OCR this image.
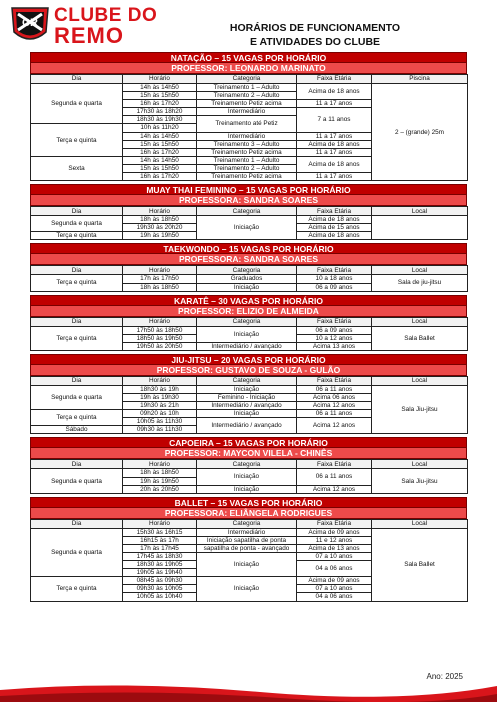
CR CLUBE DO
REMO	HORÁRIOS DE FUNCIONAMENTO
E ATIVIDADES DO CLUBE
NATAÇÃO – 15 VAGAS POR HORÁRIO
PROFESSOR: LEONARDO MARINATO
Dia	Horário	Categoria	Faixa Etária	Piscina
Segunda e quarta	14h às 14h50	Treinamento 1 – Adulto	Acima de 18 anos	2 – (grande) 25m
	15h às 15h50	Treinamento 2 – Adulto		
	16h às 17h20	Treinamento Petiz acima	11 a 17 anos	
	17h30 às 18h20	Intermediário	7 a 11 anos	
	18h30 às 19h30	Treinamento até Petiz		
Terça e quinta	10h às 11h20			
	14h às 14h50	Intermediário	11 a 17 anos	
	15h às 15h50	Treinamento 3 – Adulto	Acima de 18 anos	
	16h às 17h20	Treinamento Petiz acima	11 a 17 anos	
Sexta	14h às 14h50	Treinamento 1 – Adulto	Acima de 18 anos	
	15h às 15h50	Treinamento 2 – Adulto		
	16h às 17h20	Treinamento Petiz acima	11 a 17 anos	
MUAY THAI FEMININO – 15 VAGAS POR HORÁRIO
PROFESSORA: SANDRA SOARES
Dia	Horário	Categoria	Faixa Etária	Local
Segunda e quarta	18h às 18h50	Iniciação	Acima de 18 anos	
	19h30 às 20h20		Acima de 15 anos	
Terça e quinta	19h às 19h50		Acima de 18 anos	
TAEKWONDO – 15 VAGAS POR HORÁRIO
PROFESSORA: SANDRA SOARES
Dia	Horário	Categoria	Faixa Etária	Local
Terça e quinta	17h às 17h50	Graduados	10 a 18 anos	Sala de jiu-jitsu
	18h às 18h50	Iniciação	06 a 09 anos	
KARATÊ – 30 VAGAS POR HORÁRIO
PROFESSOR: ELIZIO DE ALMEIDA
Dia	Horário	Categoria	Faixa Etária	Local
Terça e quinta	17h50 às 18h50	Iniciação	06 a 09 anos	Sala Ballet
	18h50 às 19h50		10 a 12 anos	
	19h50 às 20h50	Intermediário / avançado	Acima 13 anos	
JIU-JITSU – 20 VAGAS POR HORÁRIO
PROFESSOR: GUSTAVO DE SOUZA - GULÃO
Dia	Horário	Categoria	Faixa Etária	Local
Segunda e quarta	18h30 às 19h	Iniciação	06 a 11 anos	Sala Jiu-jitsu
	19h às 19h30	Feminino - Iniciação	Acima 06 anos	
	19h30 às 21h	Intermediário / avançado	Acima 12 anos	
Terça e quinta	09h20 às 10h	Iniciação	06 a 11 anos	
	10h05 às 11h30	Intermediário / avançado	Acima 12 anos	
Sábado	09h30 às 11h30			
CAPOEIRA – 15 VAGAS POR HORÁRIO
PROFESSOR: MAYCON VILELA - CHINÊS
Dia	Horário	Categoria	Faixa Etária	Local
Segunda e quarta	18h às 18h50	Iniciação	06 a 11 anos	Sala Jiu-jitsu
	19h às 19h50			
	20h às 20h50	Iniciação	Acima 12 anos	
BALLET – 15 VAGAS POR HORÁRIO
PROFESSORA: ELIÂNGELA RODRIGUES
Dia	Horário	Categoria	Faixa Etária	Local
Segunda e quarta	15h30 às 16h15	Intermediário	Acima de 09 anos	Sala Ballet
	16h15 às 17h	Iniciação sapatilha de ponta	11 e 12 anos	
	17h às 17h45	sapatilha de ponta - avançado	Acima de 13 anos	
	17h45 às 18h30	Iniciação	07 a 10 anos	
	18h30 às 19h05		04 a 06 anos	
	19h05 às 19h40			
Terça e quinta	08h45 às 09h30	Iniciação	Acima de 09 anos	
	09h30 às 10h05		07 a 10 anos	
	10h05 às 10h40		04 a 06 anos	
Ano: 2025
